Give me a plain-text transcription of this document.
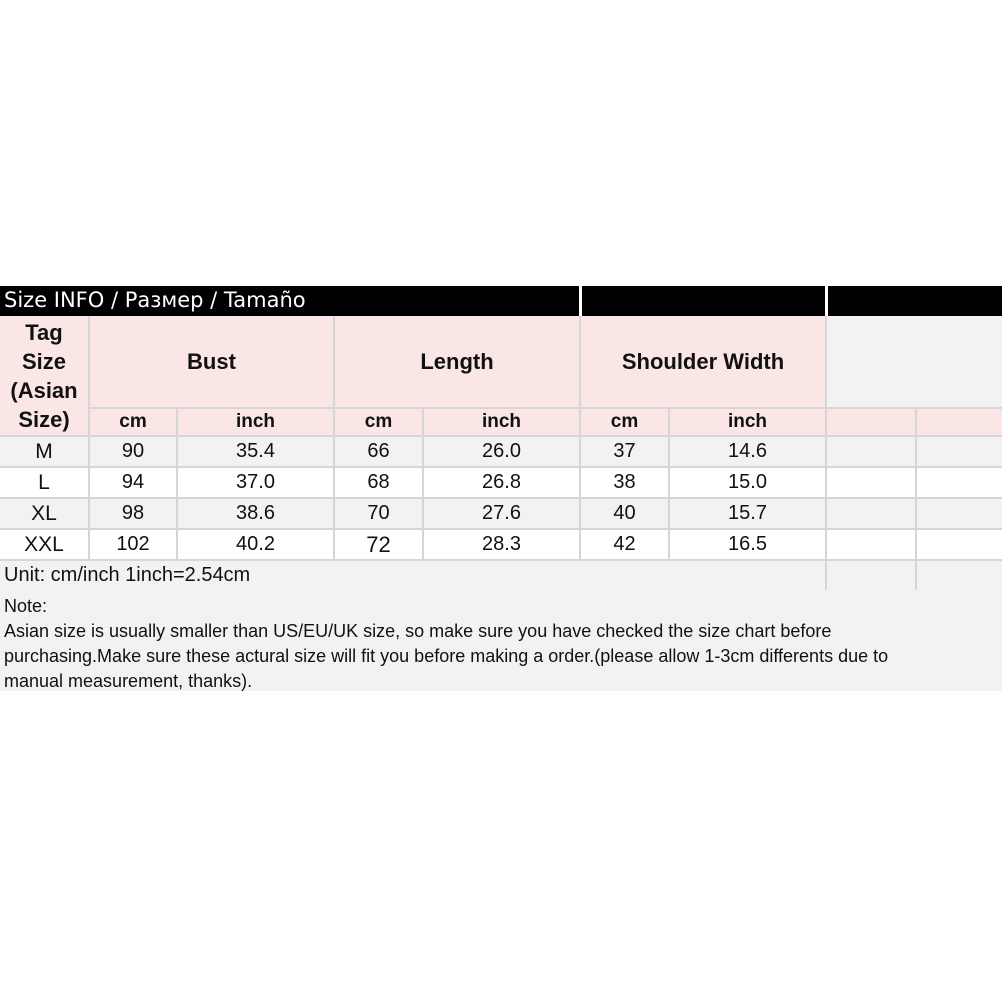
Size INFO / Размер / Tamaño
Tag
Size
(Asian
Size)
Bust	Length	Shoulder Width
cm	inch	cm	inch	cm	inch
M	90	35.4	66	26.0	37	14.6
L	94	37.0	68	26.8	38	15.0
XL	98	38.6	70	27.6	40	15.7
XXL	102	40.2	72	28.3	42	16.5
Unit: cm/inch 1inch=2.54cm
Note:
Asian size is usually smaller than US/EU/UK size, so make sure you have checked the size chart before
purchasing.Make sure these actural size will fit you before making a order.(please allow 1-3cm differents due to
manual measurement, thanks).
